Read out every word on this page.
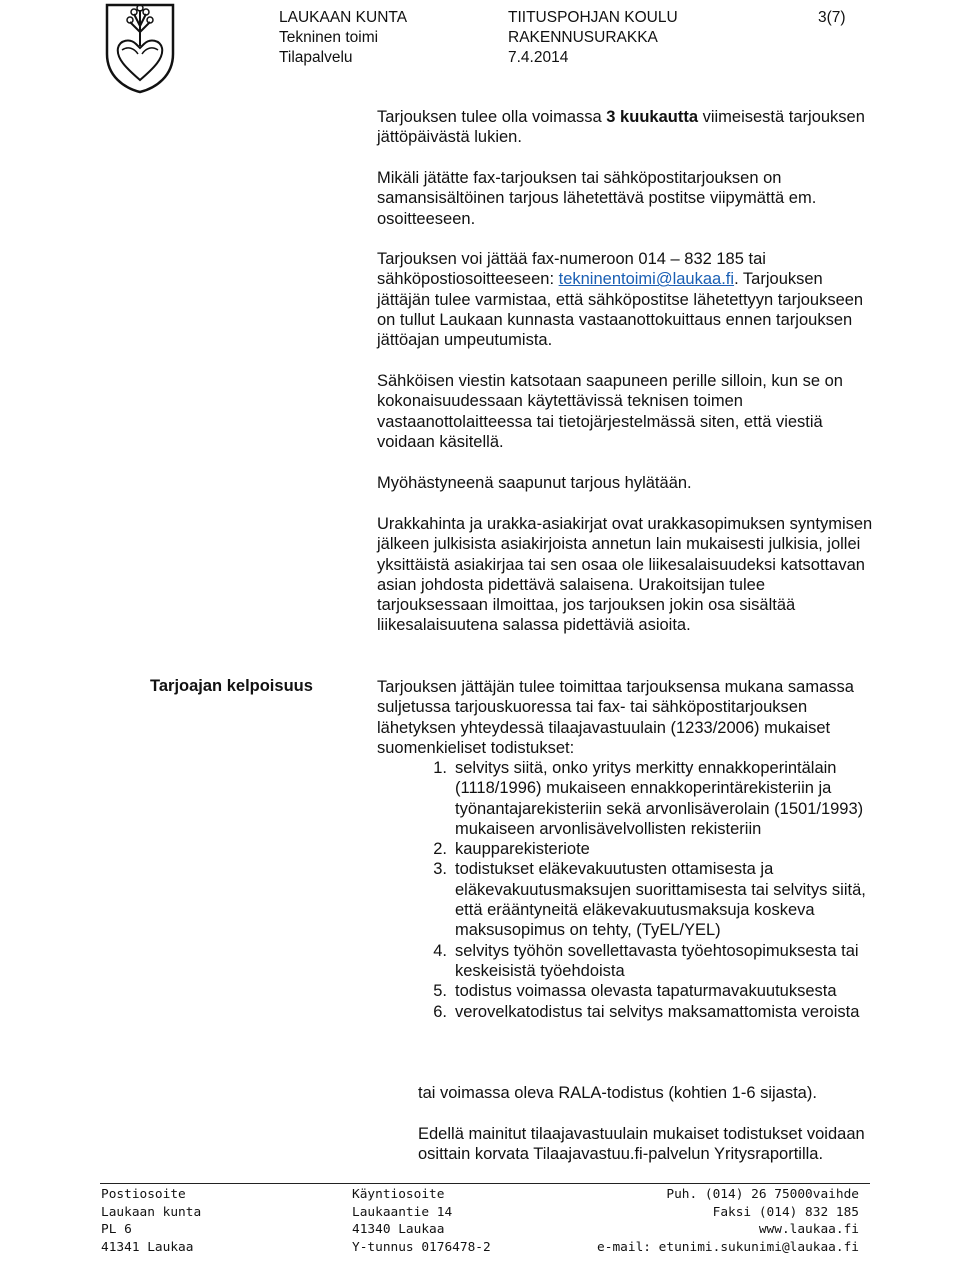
LAUKAAN KUNTA
Tekninen toimi
Tilapalvelu
TIITUSPOHJAN KOULU
RAKENNUSURAKKA
7.4.2014
3(7)

Tarjouksen tulee olla voimassa 3 kuukautta viimeisestä tarjouksen jättöpäivästä lukien.

Mikäli jätätte fax-tarjouksen tai sähköpostitarjouksen on samansisältöinen tarjous lähetettävä postitse viipymättä em. osoitteeseen.

Tarjouksen voi jättää fax-numeroon 014 – 832 185 tai sähköpostiosoitteeseen: tekninentoimi@laukaa.fi. Tarjouksen jättäjän tulee varmistaa, että sähköpostitse lähetettyyn tarjoukseen on tullut Laukaan kunnasta vastaanottokuittaus ennen tarjouksen jättöajan umpeutumista.

Sähköisen viestin katsotaan saapuneen perille silloin, kun se on kokonaisuudessaan käytettävissä teknisen toimen vastaanottolaitteessa tai tietojärjestelmässä siten, että viestiä voidaan käsitellä.

Myöhästyneenä saapunut tarjous hylätään.

Urakkahinta ja urakka-asiakirjat ovat urakkasopimuksen syntymisen jälkeen julkisista asiakirjoista annetun lain mukaisesti julkisia, jollei yksittäistä asiakirjaa tai sen osaa ole liikesalaisuudeksi katsottavan asian johdosta pidettävä salaisena. Urakoitsijan tulee tarjouksessaan ilmoittaa, jos tarjouksen jokin osa sisältää liikesalaisuutena salassa pidettäviä asioita.

Tarjoajan kelpoisuus	Tarjouksen jättäjän tulee toimittaa tarjouksensa mukana samassa suljetussa tarjouskuoressa tai fax- tai sähköpostitarjouksen lähetyksen yhteydessä tilaajavastuulain (1233/2006) mukaiset suomenkieliset todistukset:

1. selvitys siitä, onko yritys merkitty ennakkoperintälain (1118/1996) mukaiseen ennakkoperintärekisteriin ja työnantajarekisteriin sekä arvonlisäverolain (1501/1993) mukaiseen arvonlisävelvollisten rekisteriin
2. kaupparekisteriote
3. todistukset eläkevakuutusten ottamisesta ja eläkevakuutusmaksujen suorittamisesta tai selvitys siitä, että erääntyneitä eläkevakuutusmaksuja koskeva maksusopimus on tehty, (TyEL/YEL)
4. selvitys työhön sovellettavasta työehtosopimuksesta tai keskeisistä työehdoista
5. todistus voimassa olevasta tapaturmavakuutuksesta
6. verovelkatodistus tai selvitys maksamattomista veroista

tai voimassa oleva RALA-todistus (kohtien 1-6 sijasta).

Edellä mainitut tilaajavastuulain mukaiset todistukset voidaan osittain korvata Tilaajavastuu.fi-palvelun Yritysraportilla.

Postiosoite
Laukaan kunta
PL 6
41341 Laukaa
Käyntiosoite
Laukaantie 14
41340 Laukaa
Y-tunnus 0176478-2
Puh. (014) 26 75000vaihde
Faksi (014) 832 185
www.laukaa.fi
e-mail: etunimi.sukunimi@laukaa.fi
